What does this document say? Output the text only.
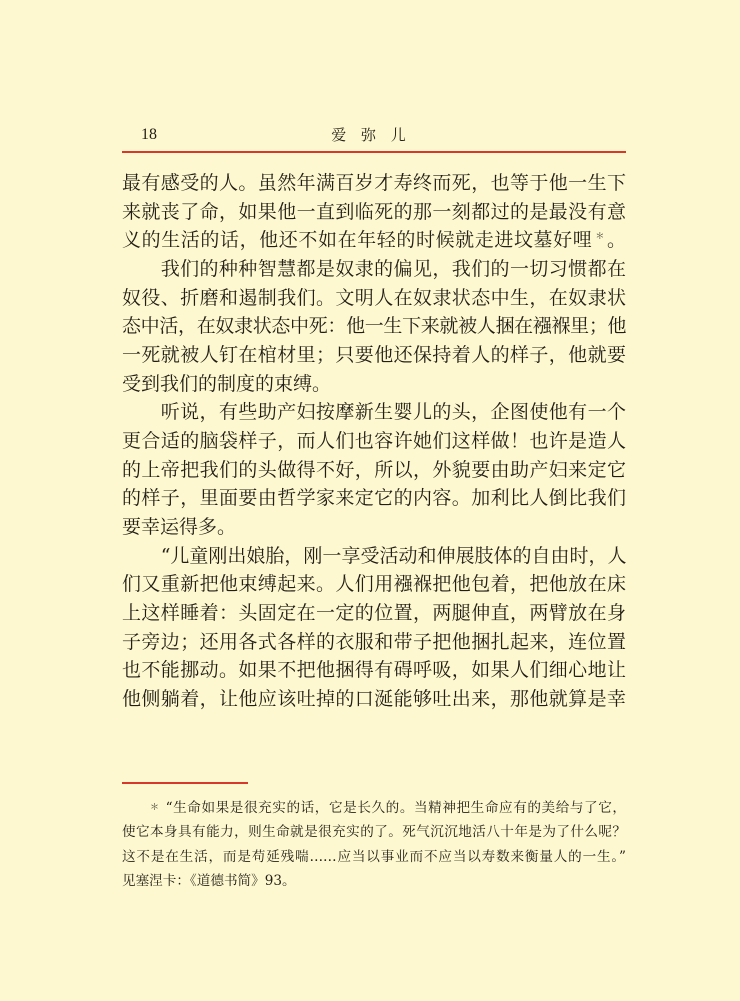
18	爱 弥 儿
最有感受的人。虽然年满百岁才寿终而死，也等于他一生下
来就丧了命，如果他一直到临死的那一刻都过的是最没有意
义的生活的话，他还不如在年轻的时候就走进坟墓好哩 ＊ 。
我们的种种智慧都是奴隶的偏见，我们的一切习惯都在
奴役、折磨和遏制我们。文明人在奴隶状态中生，在奴隶状
态中活，在奴隶状态中死：他一生下来就被人捆在襁褓里；他
一死就被人钉在棺材里；只要他还保持着人的样子，他就要
受到我们的制度的束缚。
听说，有些助产妇按摩新生婴儿的头，企图使他有一个
更合适的脑袋样子，而人们也容许她们这样做！也许是造人
的上帝把我们的头做得不好，所以，外貌要由助产妇来定它
的样子，里面要由哲学家来定它的内容。加利比人倒比我们
要幸运得多。
“儿童刚出娘胎，刚一享受活动和伸展肢体的自由时，人
们又重新把他束缚起来。人们用襁褓把他包着，把他放在床
上这样睡着：头固定在一定的位置，两腿伸直，两臂放在身
子旁边；还用各式各样的衣服和带子把他捆扎起来，连位置
也不能挪动。如果不把他捆得有碍呼吸，如果人们细心地让
他侧躺着，让他应该吐掉的口涎能够吐出来，那他就算是幸
＊ “生命如果是很充实的话，它是长久的。当精神把生命应有的美给与了它，
使它本身具有能力，则生命就是很充实的了。死气沉沉地活八十年是为了什么呢？
这不是在生活，而是苟延残喘……应当以事业而不应当以寿数来衡量人的一生。”
见塞涅卡：《道德书简》93。
